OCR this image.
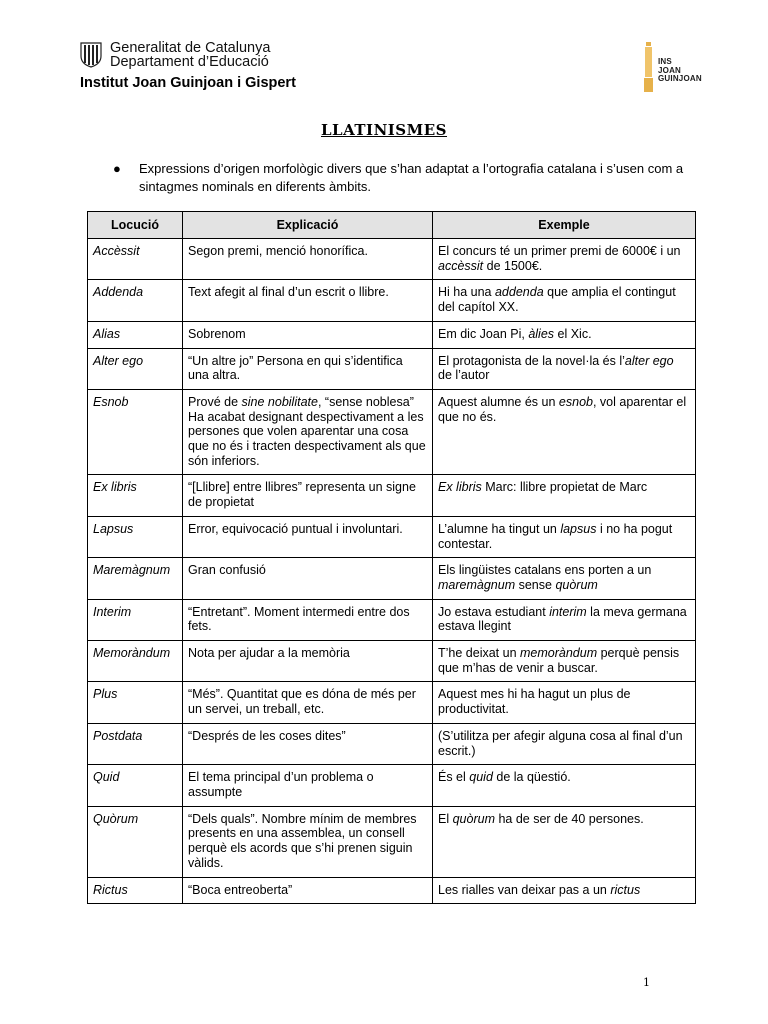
Generalitat de Catalunya
Departament d’Educació
Institut Joan Guinjoan i Gispert
INS
JOAN
GUINJOAN
LLATINISMES
● Expressions d’origen morfològic divers que s’han adaptat a l’ortografia catalana i s’usen com a sintagmes nominals en diferents àmbits.
Locució	Explicació	Exemple
Accèssit	Segon premi, menció honorífica.	El concurs té un primer premi de 6000€ i un accèssit de 1500€.
Addenda	Text afegit al final d’un escrit o llibre.	Hi ha una addenda que amplia el contingut del capítol XX.
Alias	Sobrenom	Em dic Joan Pi, àlies el Xic.
Alter ego	“Un altre jo” Persona en qui s’identifica una altra.	El protagonista de la novel·la és l’alter ego de l’autor
Esnob	Prové de sine nobilitate, “sense noblesa” Ha acabat designant despectivament a les persones que volen aparentar una cosa que no és i tracten despectivament als que són inferiors.	Aquest alumne és un esnob, vol aparentar el que no és.
Ex libris	“[Llibre] entre llibres” representa un signe de propietat	Ex libris Marc: llibre propietat de Marc
Lapsus	Error, equivocació puntual i involuntari.	L’alumne ha tingut un lapsus i no ha pogut contestar.
Maremàgnum	Gran confusió	Els lingüistes catalans ens porten a un maremàgnum sense quòrum
Interim	“Entretant”. Moment intermedi entre dos fets.	Jo estava estudiant interim la meva germana estava llegint
Memoràndum	Nota per ajudar a la memòria	T’he deixat un memoràndum perquè pensis que m’has de venir a buscar.
Plus	“Més”. Quantitat que es dóna de més per un servei, un treball, etc.	Aquest mes hi ha hagut un plus de productivitat.
Postdata	“Després de les coses dites”	(S’utilitza per afegir alguna cosa al final d’un escrit.)
Quid	El tema principal d’un problema o assumpte	És el quid de la qüestió.
Quòrum	“Dels quals”. Nombre mínim de membres presents en una assemblea, un consell perquè els acords que s’hi prenen siguin vàlids.	El quòrum ha de ser de 40 persones.
Rictus	“Boca entreoberta”	Les rialles van deixar pas a un rictus
1
